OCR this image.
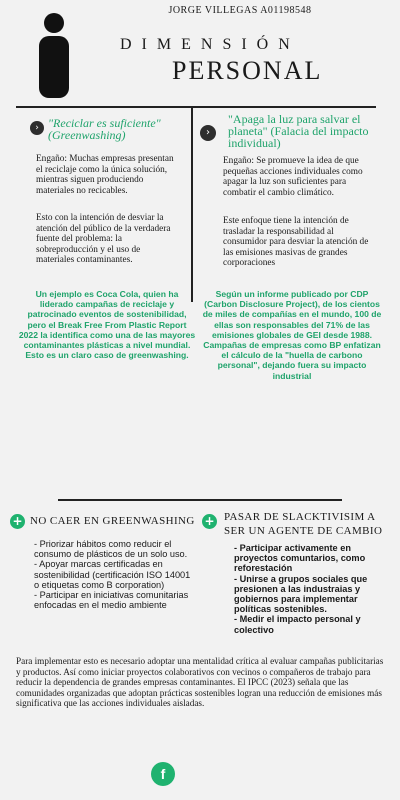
JORGE VILLEGAS A01198548
DIMENSIÓN
PERSONAL
› "Reciclar es suficiente" (Greenwashing)
Engaño: Muchas empresas presentan el reciclaje como la única solución, mientras siguen produciendo materiales no recicables.
Esto con la intención de desviar la atención del público de la verdadera fuente del problema: la sobreproducción y el uso de materiales contaminantes.
Un ejemplo es Coca Cola, quien ha liderado campañas de reciclaje y patrocinado eventos de sostenibilidad, pero el Break Free From Plastic Report 2022 la identifica como una de las mayores contaminantes plásticas a nivel mundial. Esto es un claro caso de greenwashing.
›
"Apaga la luz para salvar el planeta" (Falacia del impacto individual)
Engaño: Se promueve la idea de que pequeñas acciones individuales como apagar la luz son suficientes para combatir el cambio climático.
Este enfoque tiene la intención de trasladar la responsabilidad al consumidor para desviar la atención de las emisiones masivas de grandes corporaciones
Según un informe publicado por CDP (Carbon Disclosure Project), de los cientos de miles de compañías en el mundo, 100 de ellas son responsables del 71% de las emisiones globales de GEI desde 1988. Campañas de empresas como BP enfatizan el cálculo de la "huella de carbono personal", dejando fuera su impacto industrial
+ NO CAER EN GREENWASHING
- Priorizar hábitos como reducir el consumo de plásticos de un solo uso.
- Apoyar marcas certificadas en sostenibilidad (certificación ISO 14001 o etiquetas como B corporation)
- Participar en iniciativas comunitarias enfocadas en el medio ambiente
+ PASAR DE SLACKTIVISIM A SER UN AGENTE DE CAMBIO
- Participar activamente en proyectos comuntarios, como reforestación
- Unirse a grupos sociales que presionen a las industraias y gobiernos para implementar políticas sostenibles.
- Medir el impacto personal y colectivo
Para implementar esto es necesario adoptar una mentalidad crítica al evaluar campañas publicitarias y productos. Así como iniciar proyectos colaborativos con vecinos o compañeros de trabajo para reducir la dependencia de grandes empresas contaminantes. El IPCC (2023) señala que las comunidades organizadas que adoptan prácticas sostenibles logran una reducción de emisiones más significativa que las acciones individuales aisladas.
f
